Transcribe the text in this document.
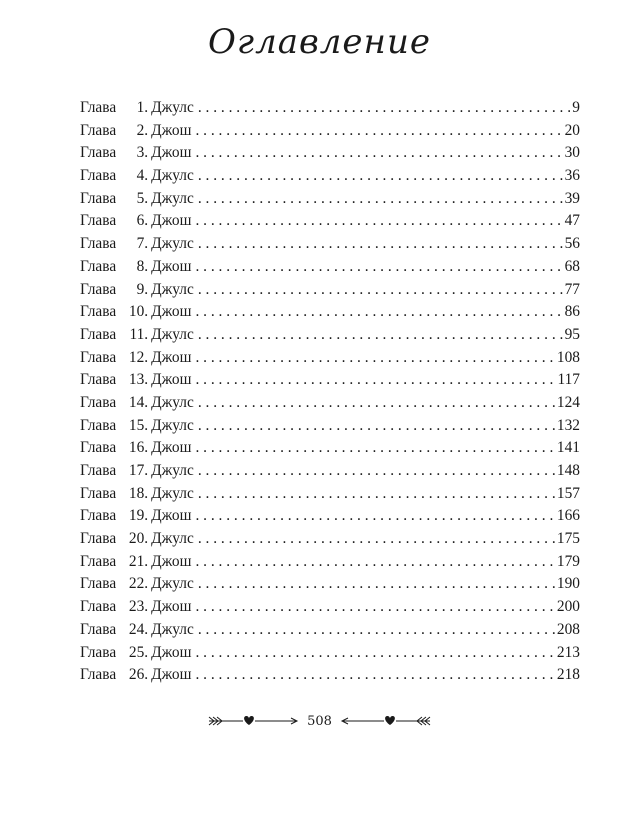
Оглавление
Глава	1. Джулс . . .	9
Глава	2. Джош . . .	20
Глава	3. Джош . . .	30
Глава	4. Джулс . . .	36
Глава	5. Джулс . . .	39
Глава	6. Джош . . .	47
Глава	7. Джулс . . .	56
Глава	8. Джош . . .	68
Глава	9. Джулс . . .	77
Глава 10. Джош . . .	86
Глава 11. Джулс . . .	95
Глава 12. Джош . . .	108
Глава 13. Джош . . .	117
Глава 14. Джулс . . .	124
Глава 15. Джулс . . .	132
Глава 16. Джош . . .	141
Глава 17. Джулс . . .	148
Глава 18. Джулс . . .	157
Глава 19. Джош . . .	166
Глава 20. Джулс . . .	175
Глава 21. Джош . . .	179
Глава 22. Джулс . . .	190
Глава 23. Джош . . .	200
Глава 24. Джулс . . .	208
Глава 25. Джош . . .	213
Глава 26. Джош . . .	218
508
